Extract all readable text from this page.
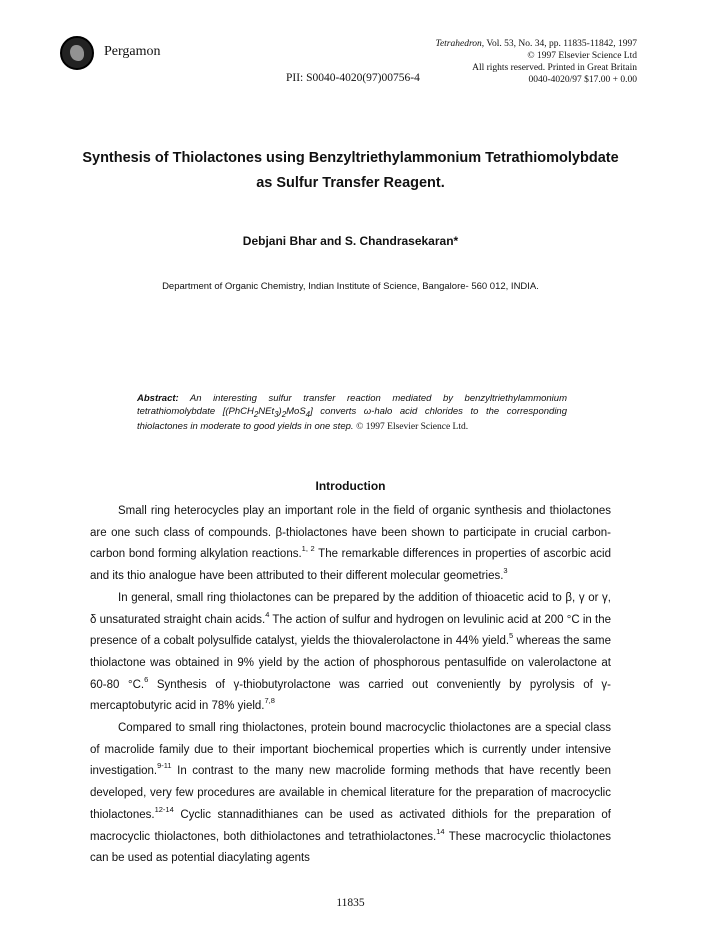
Pergamon	Tetrahedron, Vol. 53, No. 34, pp. 11835-11842, 1997
© 1997 Elsevier Science Ltd
All rights reserved. Printed in Great Britain
0040-4020/97 $17.00 + 0.00
PII: S0040-4020(97)00756-4
Synthesis of Thiolactones using Benzyltriethylammonium Tetrathiomolybdate
as Sulfur Transfer Reagent.
Debjani Bhar and S. Chandrasekaran*
Department of Organic Chemistry, Indian Institute of Science, Bangalore- 560 012, INDIA.
Abstract: An interesting sulfur transfer reaction mediated by benzyltriethylammonium tetrathiomolybdate $[(PhCH_2NEt_3)_2MoS_4]$ converts ω-halo acid chlorides to the corresponding thiolactones in moderate to good yields in one step. © 1997 Elsevier Science Ltd.
Introduction

Small ring heterocycles play an important role in the field of organic synthesis and thiolactones are one such class of compounds. β-thiolactones have been shown to participate in crucial carbon-carbon bond forming alkylation reactions.$^{1, 2}$ The remarkable differences in properties of ascorbic acid and its thio analogue have been attributed to their different molecular geometries.$^3$

In general, small ring thiolactones can be prepared by the addition of thioacetic acid to β, γ or γ, δ unsaturated straight chain acids.$^4$ The action of sulfur and hydrogen on levulinic acid at 200 °C in the presence of a cobalt polysulfide catalyst, yields the thiovalerolactone in 44% yield.$^5$ whereas the same thiolactone was obtained in 9% yield by the action of phosphorous pentasulfide on valerolactone at 60-80 °C.$^6$ Synthesis of γ-thiobutyrolactone was carried out conveniently by pyrolysis of γ-mercaptobutyric acid in 78% yield.$^{7,8}$

Compared to small ring thiolactones, protein bound macrocyclic thiolactones are a special class of macrolide family due to their important biochemical properties which is currently under intensive investigation.$^{9-11}$ In contrast to the many new macrolide forming methods that have recently been developed, very few procedures are available in chemical literature for the preparation of macrocyclic thiolactones.$^{12-14}$ Cyclic stannadithianes can be used as activated dithiols for the preparation of macrocyclic thiolactones, both dithiolactones and tetrathiolactones.$^{14}$ These macrocyclic thiolactones can be used as potential diacylating agents

11835
